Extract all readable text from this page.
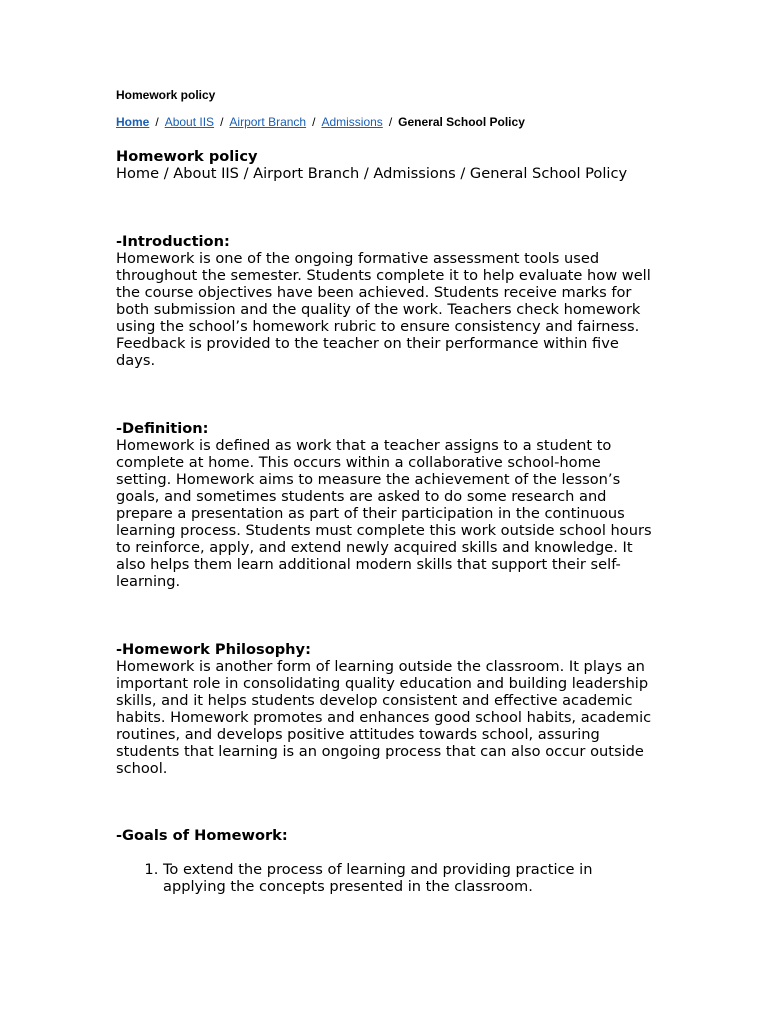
Homework policy
Home / About IIS / Airport Branch / Admissions / General School Policy

Homework policy

Home / About IIS / Airport Branch / Admissions / General School Policy

-Introduction:

Homework is one of the ongoing formative assessment tools used throughout the semester. Students complete it to help evaluate how well the course objectives have been achieved. Students receive marks for both submission and the quality of the work. Teachers check homework using the school’s homework rubric to ensure consistency and fairness. Feedback is provided to the teacher on their performance within five days.

-Definition:

Homework is defined as work that a teacher assigns to a student to complete at home. This occurs within a collaborative school-home setting. Homework aims to measure the achievement of the lesson’s goals, and sometimes students are asked to do some research and prepare a presentation as part of their participation in the continuous learning process. Students must complete this work outside school hours to reinforce, apply, and extend newly acquired skills and knowledge. It also helps them learn additional modern skills that support their self-learning.

-Homework Philosophy:

Homework is another form of learning outside the classroom. It plays an important role in consolidating quality education and building leadership skills, and it helps students develop consistent and effective academic habits. Homework promotes and enhances good school habits, academic routines, and develops positive attitudes towards school, assuring students that learning is an ongoing process that can also occur outside school.

-Goals of Homework:
1. To extend the process of learning and providing practice in applying the concepts presented in the classroom.
